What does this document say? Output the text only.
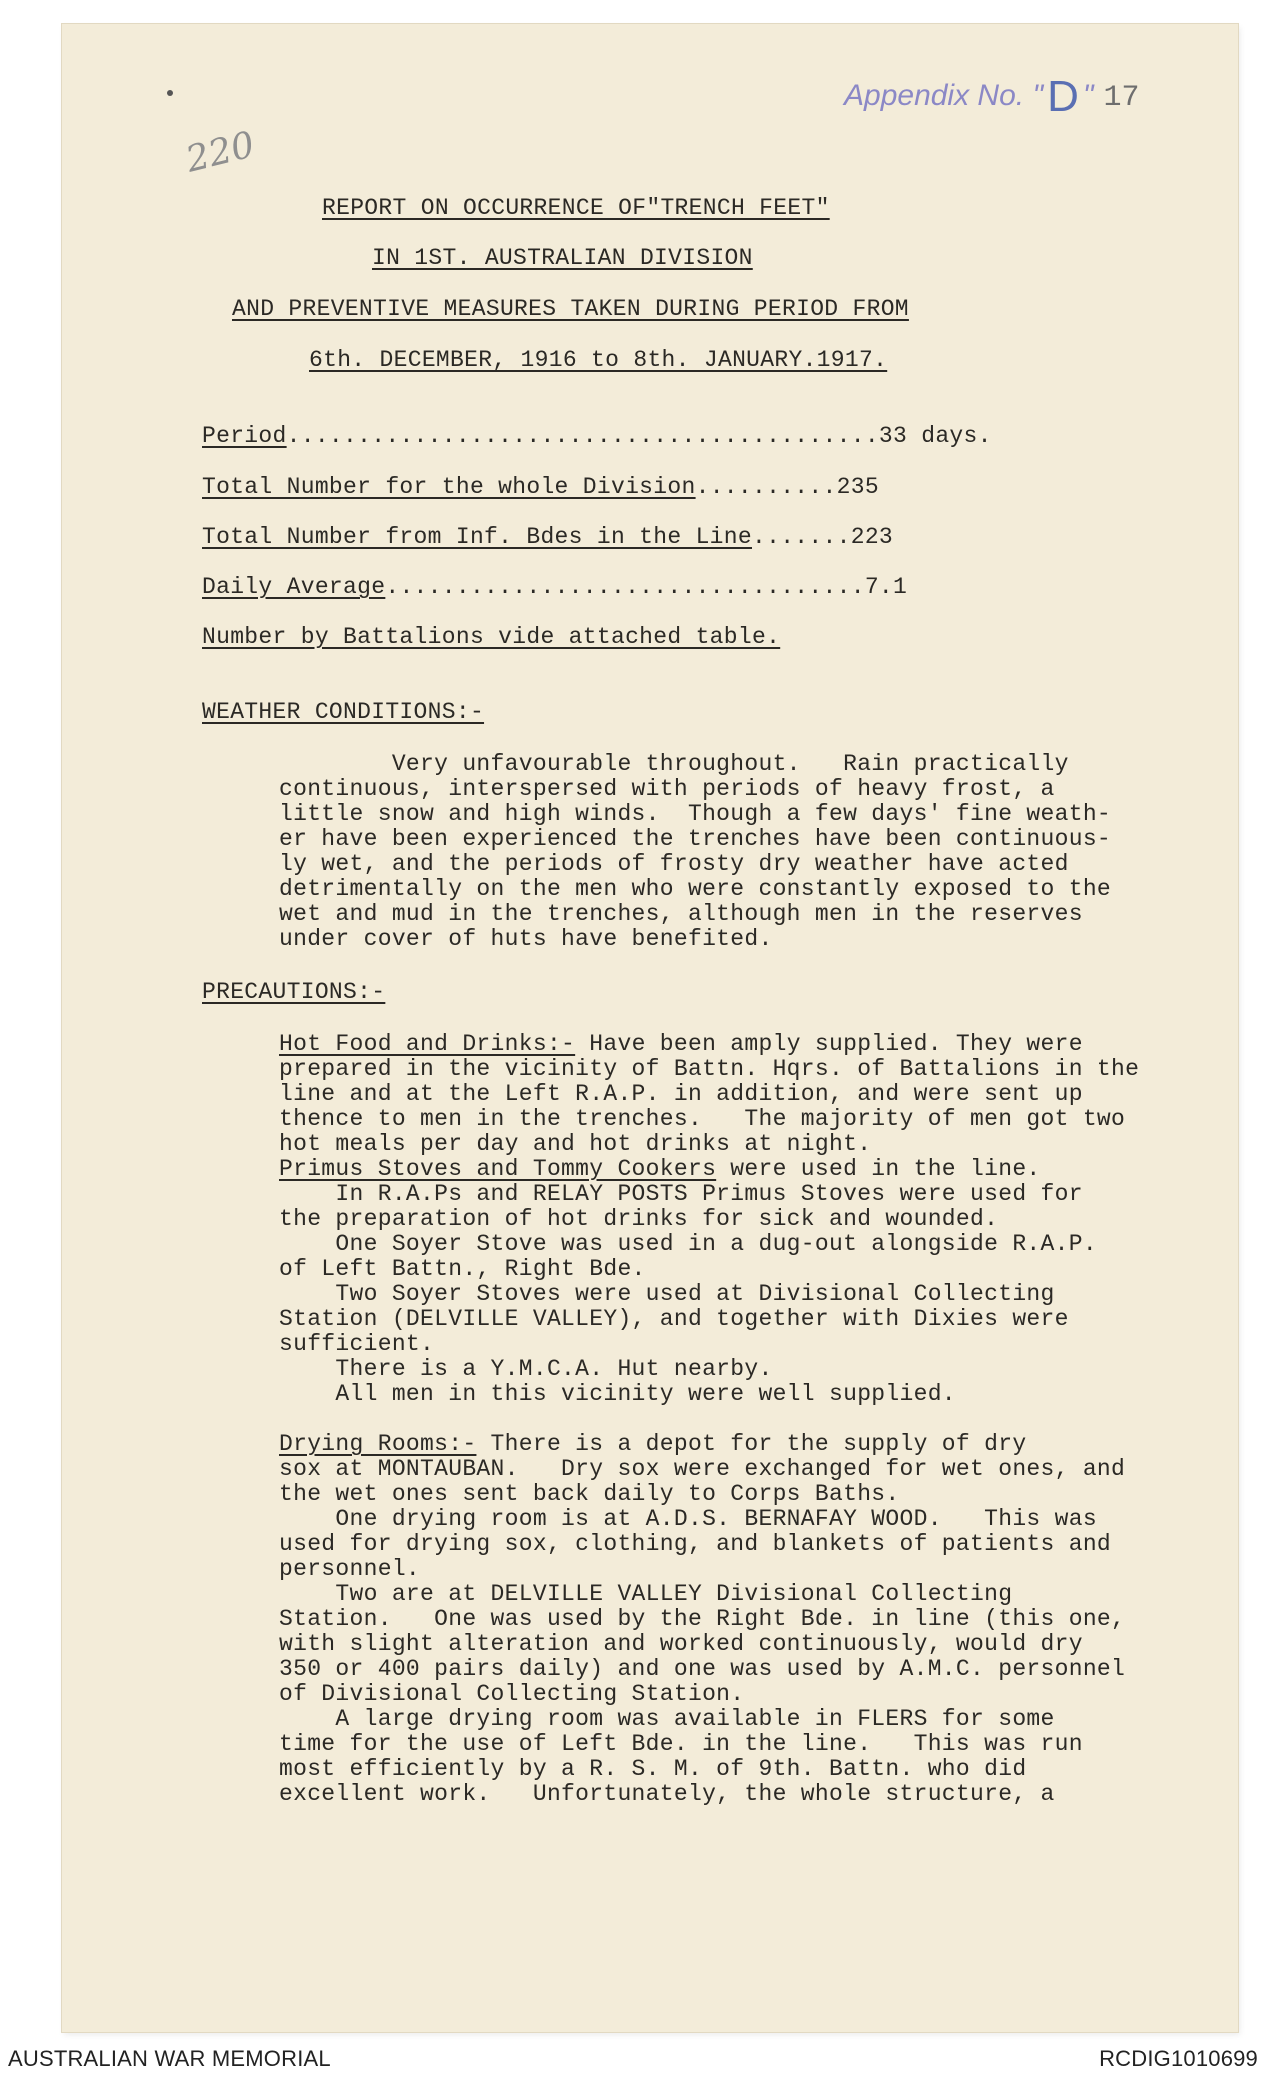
220
Appendix No. "D " 17
REPORT ON OCCURRENCE OF"TRENCH FEET"
IN 1ST. AUSTRALIAN DIVISION
AND PREVENTIVE MEASURES TAKEN DURING PERIOD FROM
6th. DECEMBER, 1916 to 8th. JANUARY.1917.
Period..........................................33 days.
Total Number for the whole Division..........235
Total Number from Inf. Bdes in the Line.......223
Daily Average..................................7.1
Number by Battalions vide attached table.
WEATHER CONDITIONS:-
Very unfavourable throughout.   Rain practically
continuous, interspersed with periods of heavy frost, a
little snow and high winds.  Though a few days' fine weath-
er have been experienced the trenches have been continuous-
ly wet, and the periods of frosty dry weather have acted
detrimentally on the men who were constantly exposed to the
wet and mud in the trenches, although men in the reserves
under cover of huts have benefited.
PRECAUTIONS:-
Hot Food and Drinks:- Have been amply supplied. They were
prepared in the vicinity of Battn. Hqrs. of Battalions in the
line and at the Left R.A.P. in addition, and were sent up
thence to men in the trenches.   The majority of men got two
hot meals per day and hot drinks at night.
Primus Stoves and Tommy Cookers were used in the line.
In R.A.Ps and RELAY POSTS Primus Stoves were used for
the preparation of hot drinks for sick and wounded.
One Soyer Stove was used in a dug-out alongside R.A.P.
of Left Battn., Right Bde.
Two Soyer Stoves were used at Divisional Collecting
Station (DELVILLE VALLEY), and together with Dixies were
sufficient.
There is a Y.M.C.A. Hut nearby.
All men in this vicinity were well supplied.
Drying Rooms:- There is a depot for the supply of dry
sox at MONTAUBAN.   Dry sox were exchanged for wet ones, and
the wet ones sent back daily to Corps Baths.
One drying room is at A.D.S. BERNAFAY WOOD.   This was
used for drying sox, clothing, and blankets of patients and
personnel.
Two are at DELVILLE VALLEY Divisional Collecting
Station.   One was used by the Right Bde. in line (this one,
with slight alteration and worked continuously, would dry
350 or 400 pairs daily) and one was used by A.M.C. personnel
of Divisional Collecting Station.
A large drying room was available in FLERS for some
time for the use of Left Bde. in the line.   This was run
most efficiently by a R. S. M. of 9th. Battn. who did
excellent work.   Unfortunately, the whole structure, a
AUSTRALIAN WAR MEMORIAL	RCDIG1010699
